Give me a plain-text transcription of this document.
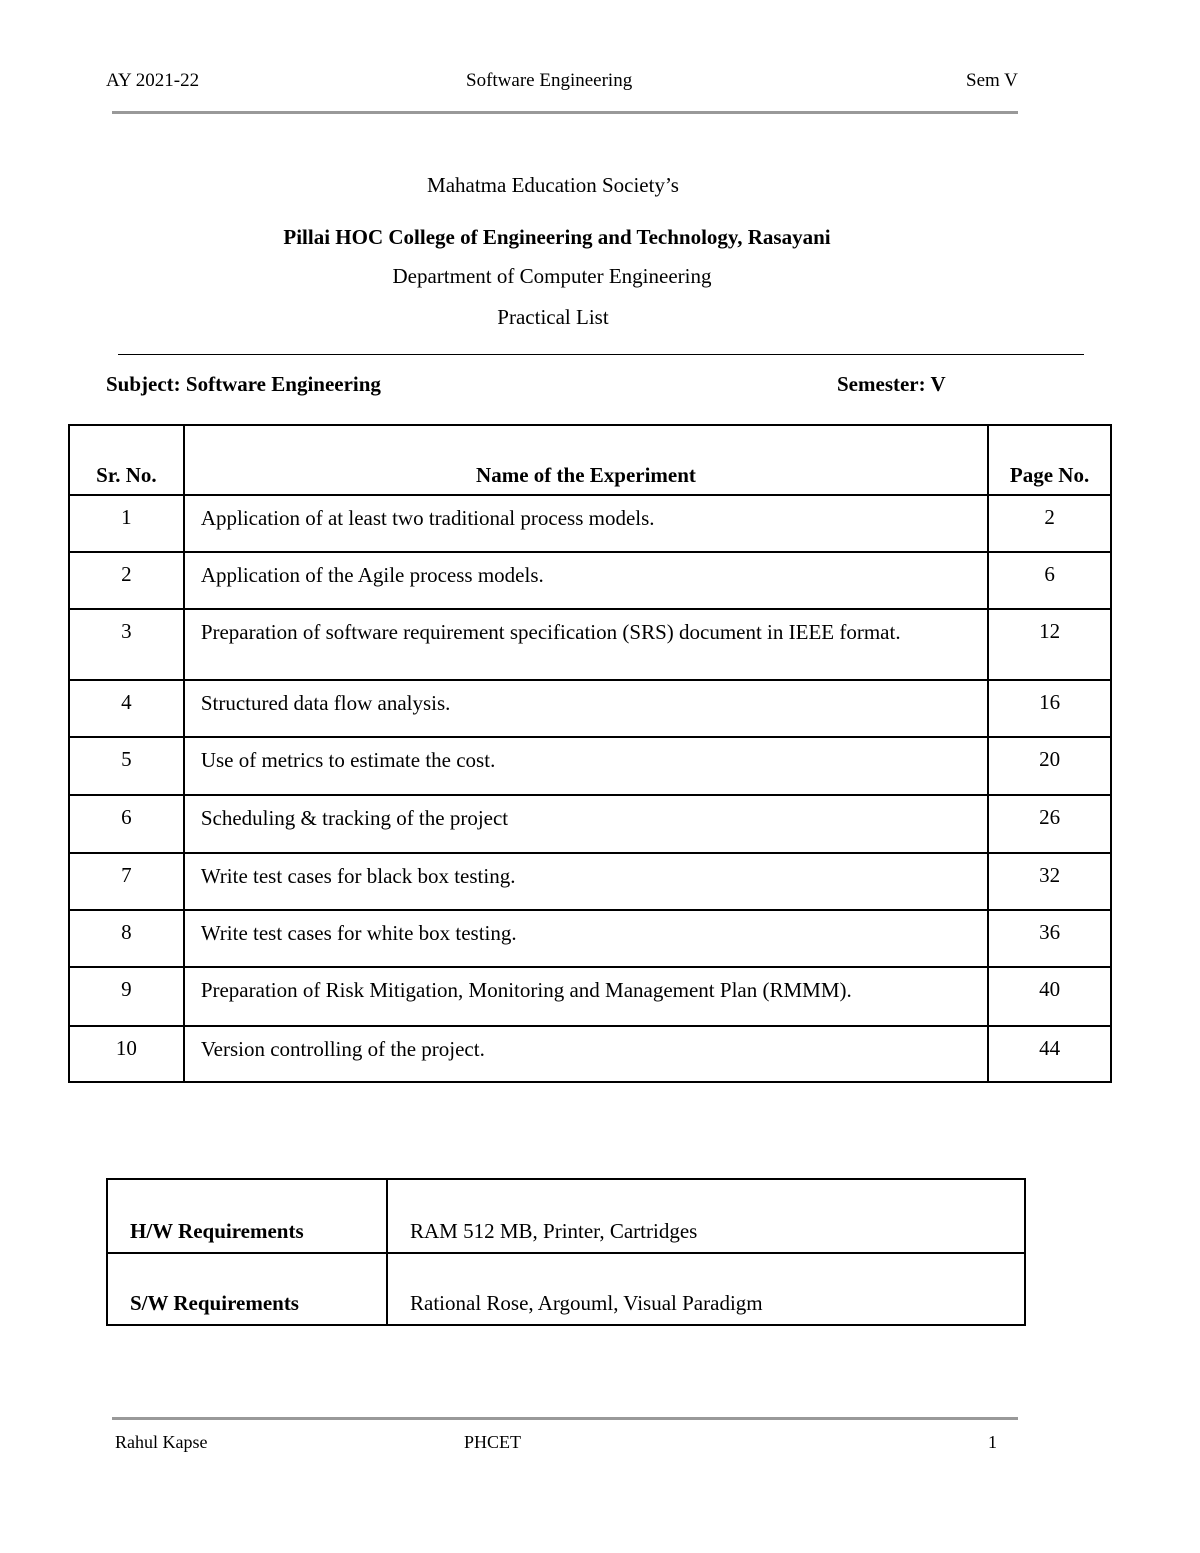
AY 2021-22	Software Engineering	Sem V
Mahatma Education Society’s
Pillai HOC College of Engineering and Technology, Rasayani
Department of Computer Engineering
Practical List
Subject: Software Engineering	Semester: V
Sr. No.	Name of the Experiment	Page No.
1	Application of at least two traditional process models.	2
2	Application of the Agile process models.	6
3	Preparation of software requirement specification (SRS) document in IEEE format.	12
4	Structured data flow analysis.	16
5	Use of metrics to estimate the cost.	20
6	Scheduling & tracking of the project	26
7	Write test cases for black box testing.	32
8	Write test cases for white box testing.	36
9	Preparation of Risk Mitigation, Monitoring and Management Plan (RMMM).	40
10	Version controlling of the project.	44
H/W Requirements	RAM 512 MB, Printer, Cartridges
S/W Requirements	Rational Rose, Argouml, Visual Paradigm
Rahul Kapse	PHCET	1
